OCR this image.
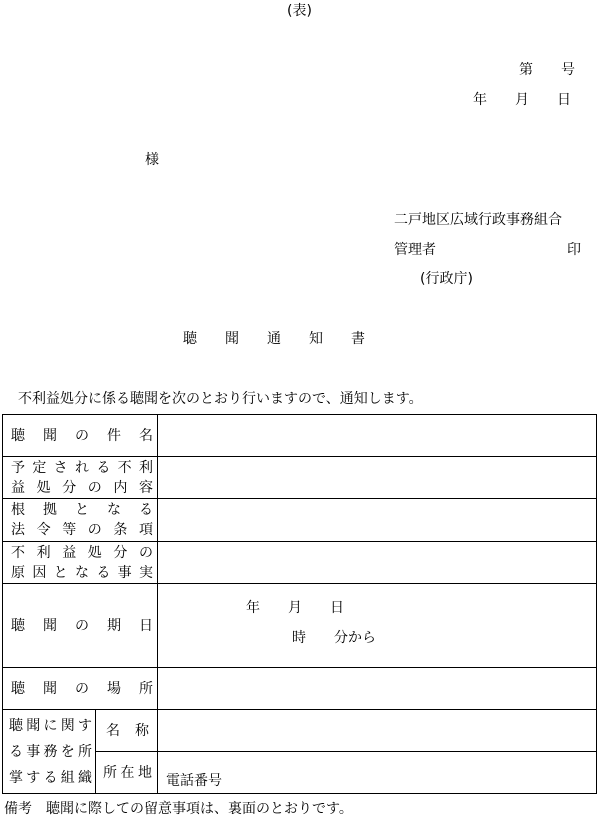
(表)
第　　号
年　　月　　日
様
二戸地区広域行政事務組合
管理者	印
(行政庁)
聴　　聞　　通　　知　　書
不利益処分に係る聴聞を次のとおり行いますので、通知します。
聴聞の件名		

予定される不利
益処分の内容		

根拠となる
法令等の条項		

不利益処分の
原因となる事実		

聴聞の期日		年　　月　　日
時　　分から

聴聞の場所		

聴聞に関す
る事務を所
掌する組織	名　称	

	所在地	電話番号
備考　聴聞に際しての留意事項は、裏面のとおりです。
